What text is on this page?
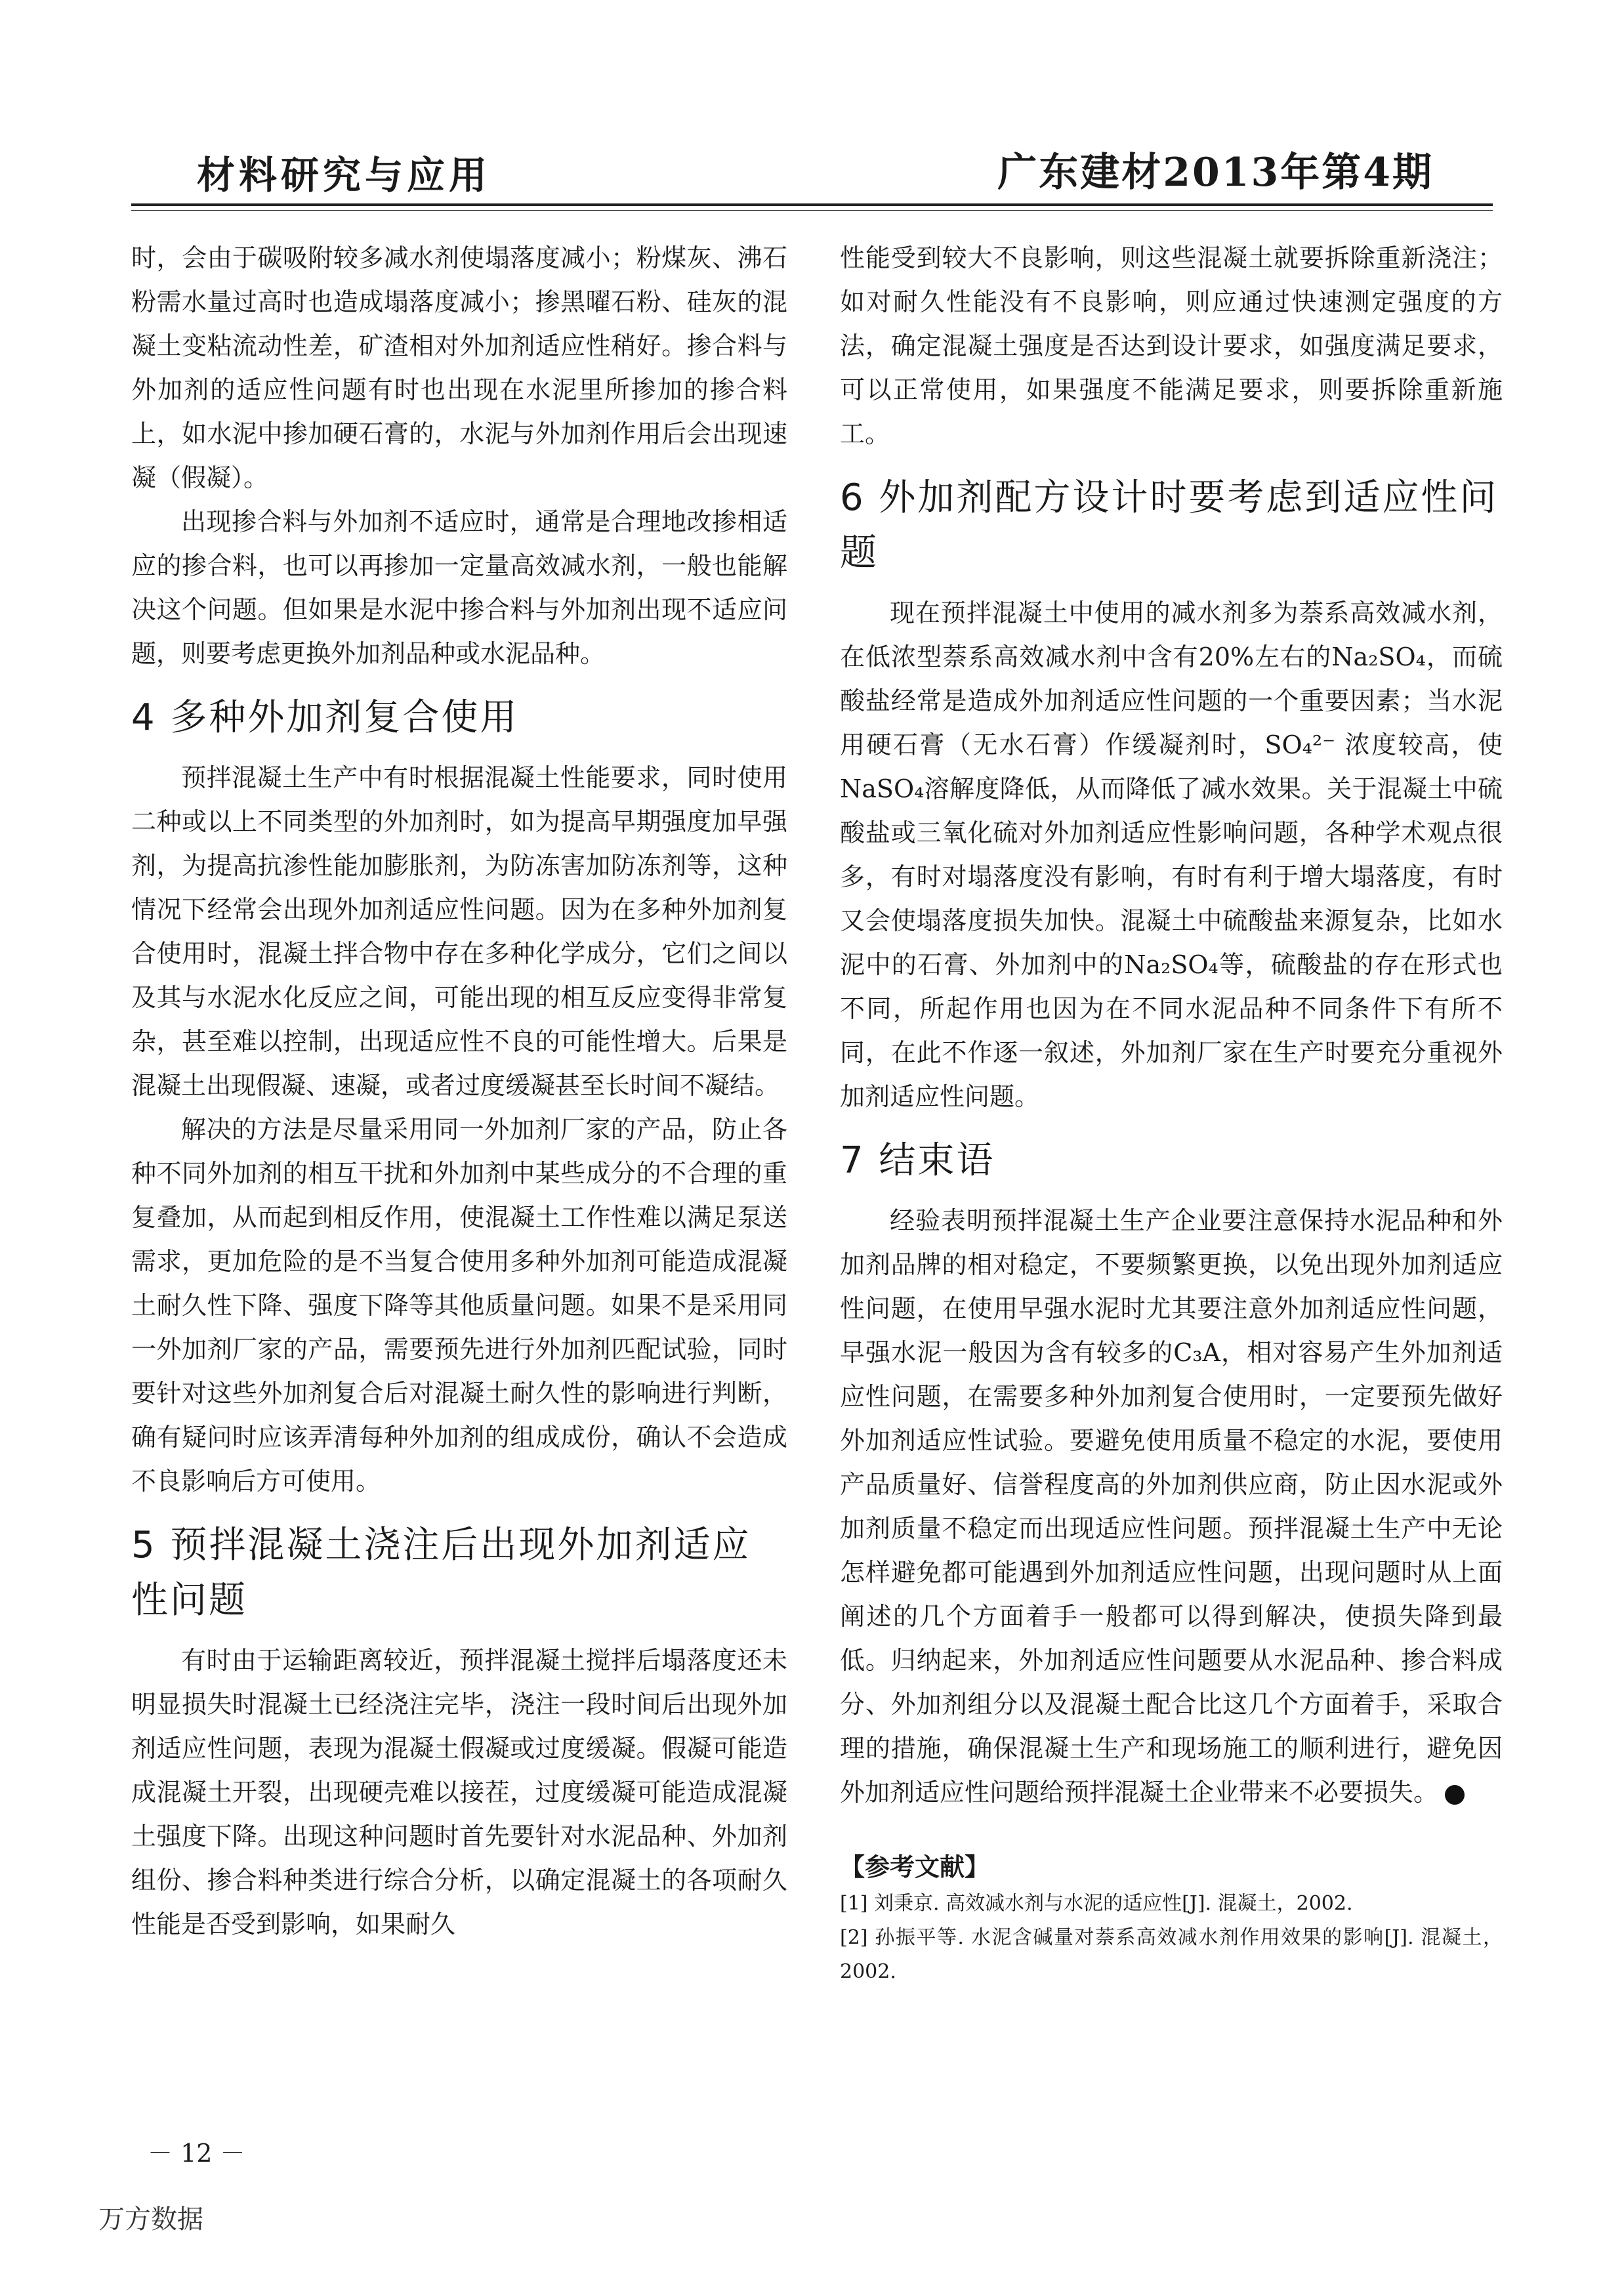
材料研究与应用	广东建材2013年第4期

时，会由于碳吸附较多减水剂使塌落度减小；粉煤灰、沸石粉需水量过高时也造成塌落度减小；掺黑曜石粉、硅灰的混凝土变粘流动性差，矿渣相对外加剂适应性稍好。掺合料与外加剂的适应性问题有时也出现在水泥里所掺加的掺合料上，如水泥中掺加硬石膏的，水泥与外加剂作用后会出现速凝（假凝）。

出现掺合料与外加剂不适应时，通常是合理地改掺相适应的掺合料，也可以再掺加一定量高效减水剂，一般也能解决这个问题。但如果是水泥中掺合料与外加剂出现不适应问题，则要考虑更换外加剂品种或水泥品种。

4 多种外加剂复合使用

预拌混凝土生产中有时根据混凝土性能要求，同时使用二种或以上不同类型的外加剂时，如为提高早期强度加早强剂，为提高抗渗性能加膨胀剂，为防冻害加防冻剂等，这种情况下经常会出现外加剂适应性问题。因为在多种外加剂复合使用时，混凝土拌合物中存在多种化学成分，它们之间以及其与水泥水化反应之间，可能出现的相互反应变得非常复杂，甚至难以控制，出现适应性不良的可能性增大。后果是混凝土出现假凝、速凝，或者过度缓凝甚至长时间不凝结。

解决的方法是尽量采用同一外加剂厂家的产品，防止各种不同外加剂的相互干扰和外加剂中某些成分的不合理的重复叠加，从而起到相反作用，使混凝土工作性难以满足泵送需求，更加危险的是不当复合使用多种外加剂可能造成混凝土耐久性下降、强度下降等其他质量问题。如果不是采用同一外加剂厂家的产品，需要预先进行外加剂匹配试验，同时要针对这些外加剂复合后对混凝土耐久性的影响进行判断，确有疑问时应该弄清每种外加剂的组成成份，确认不会造成不良影响后方可使用。

5 预拌混凝土浇注后出现外加剂适应性问题

有时由于运输距离较近，预拌混凝土搅拌后塌落度还未明显损失时混凝土已经浇注完毕，浇注一段时间后出现外加剂适应性问题，表现为混凝土假凝或过度缓凝。假凝可能造成混凝土开裂，出现硬壳难以接茬，过度缓凝可能造成混凝土强度下降。出现这种问题时首先要针对水泥品种、外加剂组份、掺合料种类进行综合分析，以确定混凝土的各项耐久性能是否受到影响，如果耐久

性能受到较大不良影响，则这些混凝土就要拆除重新浇注；如对耐久性能没有不良影响，则应通过快速测定强度的方法，确定混凝土强度是否达到设计要求，如强度满足要求，可以正常使用，如果强度不能满足要求，则要拆除重新施工。

6 外加剂配方设计时要考虑到适应性问题

现在预拌混凝土中使用的减水剂多为萘系高效减水剂，在低浓型萘系高效减水剂中含有20%左右的Na₂SO₄，而硫酸盐经常是造成外加剂适应性问题的一个重要因素；当水泥用硬石膏（无水石膏）作缓凝剂时，SO₄²⁻ 浓度较高，使NaSO₄溶解度降低，从而降低了减水效果。关于混凝土中硫酸盐或三氧化硫对外加剂适应性影响问题，各种学术观点很多，有时对塌落度没有影响，有时有利于增大塌落度，有时又会使塌落度损失加快。混凝土中硫酸盐来源复杂，比如水泥中的石膏、外加剂中的Na₂SO₄等，硫酸盐的存在形式也不同，所起作用也因为在不同水泥品种不同条件下有所不同，在此不作逐一叙述，外加剂厂家在生产时要充分重视外加剂适应性问题。

7 结束语

经验表明预拌混凝土生产企业要注意保持水泥品种和外加剂品牌的相对稳定，不要频繁更换，以免出现外加剂适应性问题，在使用早强水泥时尤其要注意外加剂适应性问题，早强水泥一般因为含有较多的C₃A，相对容易产生外加剂适应性问题，在需要多种外加剂复合使用时，一定要预先做好外加剂适应性试验。要避免使用质量不稳定的水泥，要使用产品质量好、信誉程度高的外加剂供应商，防止因水泥或外加剂质量不稳定而出现适应性问题。预拌混凝土生产中无论怎样避免都可能遇到外加剂适应性问题，出现问题时从上面阐述的几个方面着手一般都可以得到解决，使损失降到最低。归纳起来，外加剂适应性问题要从水泥品种、掺合料成分、外加剂组分以及混凝土配合比这几个方面着手，采取合理的措施，确保混凝土生产和现场施工的顺利进行，避免因外加剂适应性问题给预拌混凝土企业带来不必要损失。

【参考文献】
[1] 刘秉京. 高效减水剂与水泥的适应性[J]. 混凝土，2002.
[2] 孙振平等. 水泥含碱量对萘系高效减水剂作用效果的影响[J]. 混凝土，2002.
－ 12 －
万方数据
